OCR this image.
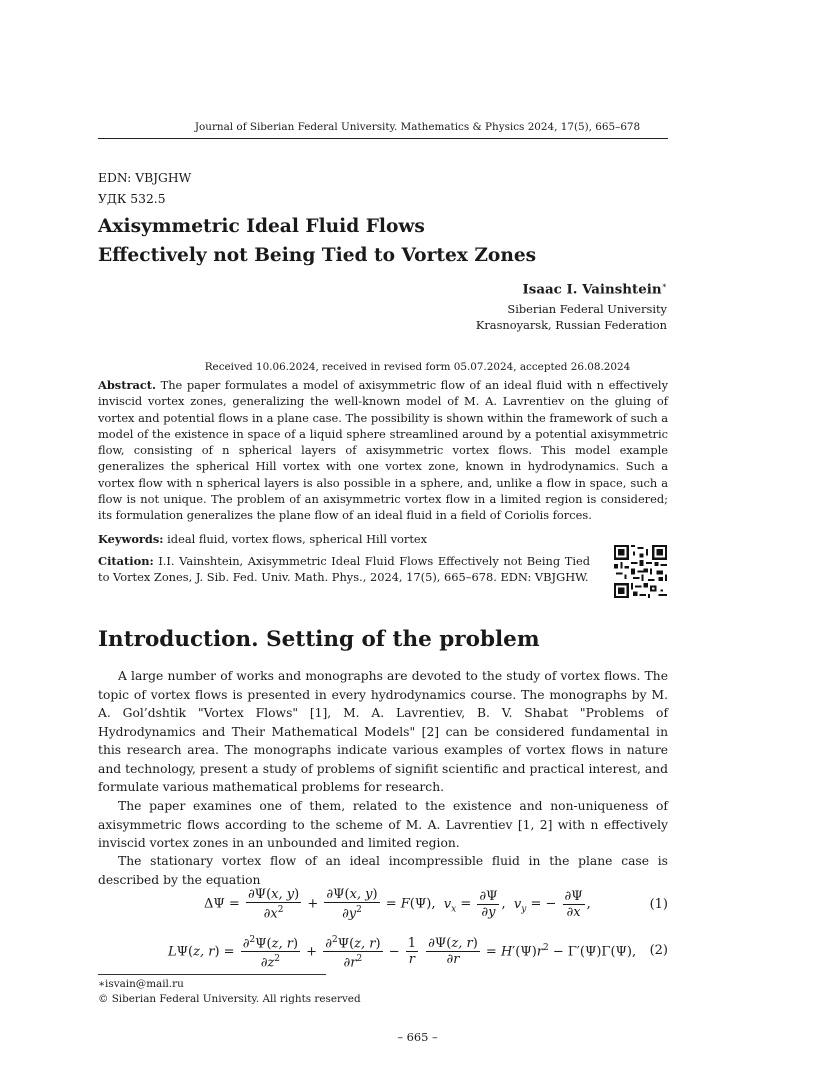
Journal of Siberian Federal University. Mathematics & Physics 2024, 17(5), 665–678
EDN: VBJGHW
УДК 532.5
Axisymmetric Ideal Fluid Flows
Effectively not Being Tied to Vortex Zones
Isaac I. Vainshtein∗
Siberian Federal University
Krasnoyarsk, Russian Federation
Received 10.06.2024, received in revised form 05.07.2024, accepted 26.08.2024
Abstract. The paper formulates a model of axisymmetric flow of an ideal fluid with n effectively inviscid vortex zones, generalizing the well-known model of M. A. Lavrentiev on the gluing of vortex and potential flows in a plane case. The possibility is shown within the framework of such a model of the existence in space of a liquid sphere streamlined around by a potential axisymmetric flow, consisting of n spherical layers of axisymmetric vortex flows. This model example generalizes the spherical Hill vortex with one vortex zone, known in hydrodynamics. Such a vortex flow with n spherical layers is also possible in a sphere, and, unlike a flow in space, such a flow is not unique. The problem of an axisymmetric vortex flow in a limited region is considered; its formulation generalizes the plane flow of an ideal fluid in a field of Coriolis forces.
Keywords: ideal fluid, vortex flows, spherical Hill vortex
Citation: I.I. Vainshtein, Axisymmetric Ideal Fluid Flows Effectively not Being Tied to Vortex Zones, J. Sib. Fed. Univ. Math. Phys., 2024, 17(5), 665–678. EDN: VBJGHW.
Introduction. Setting of the problem
A large number of works and monographs are devoted to the study of vortex flows. The topic of vortex flows is presented in every hydrodynamics course. The monographs by M. A. Gol’dshtik "Vortex Flows" [1], M. A. Lavrentiev, B. V. Shabat "Problems of Hydrodynamics and Their Mathematical Models" [2] can be considered fundamental in this research area. The monographs indicate various examples of vortex flows in nature and technology, present a study of problems of signifit scientific and practical interest, and formulate various mathematical problems for research.
The paper examines one of them, related to the existence and non-uniqueness of axisymmetric flows according to the scheme of M. A. Lavrentiev [1, 2] with n effectively inviscid vortex zones in an unbounded and limited region.
The stationary vortex flow of an ideal incompressible fluid in the plane case is described by the equation
$\Delta\Psi = \frac{\partial\Psi(x, y)}{\partial x^2} + \frac{\partial\Psi(x, y)}{\partial y^2} = F(\Psi)$,  $v_x = \frac{\partial\Psi}{\partial y}$ ,  $v_y$ = − $\frac{\partial\Psi}{\partial x}$ ,	(1)
LΨ(z, $r) = \frac{\partial^2\Psi(z, r)}{\partial z^2} + \frac{\partial^2\Psi(z, r)}{\partial r^2} - \frac{1}{r}$
$\frac{\partial\Psi(z, r)}{\partial r} = H'(\Psi)r^2 - \Gamma'(\Psi)\Gamma(\Psi)$, (2)
∗isvain@mail.ru
© Siberian Federal University. All rights reserved
– 665 –
